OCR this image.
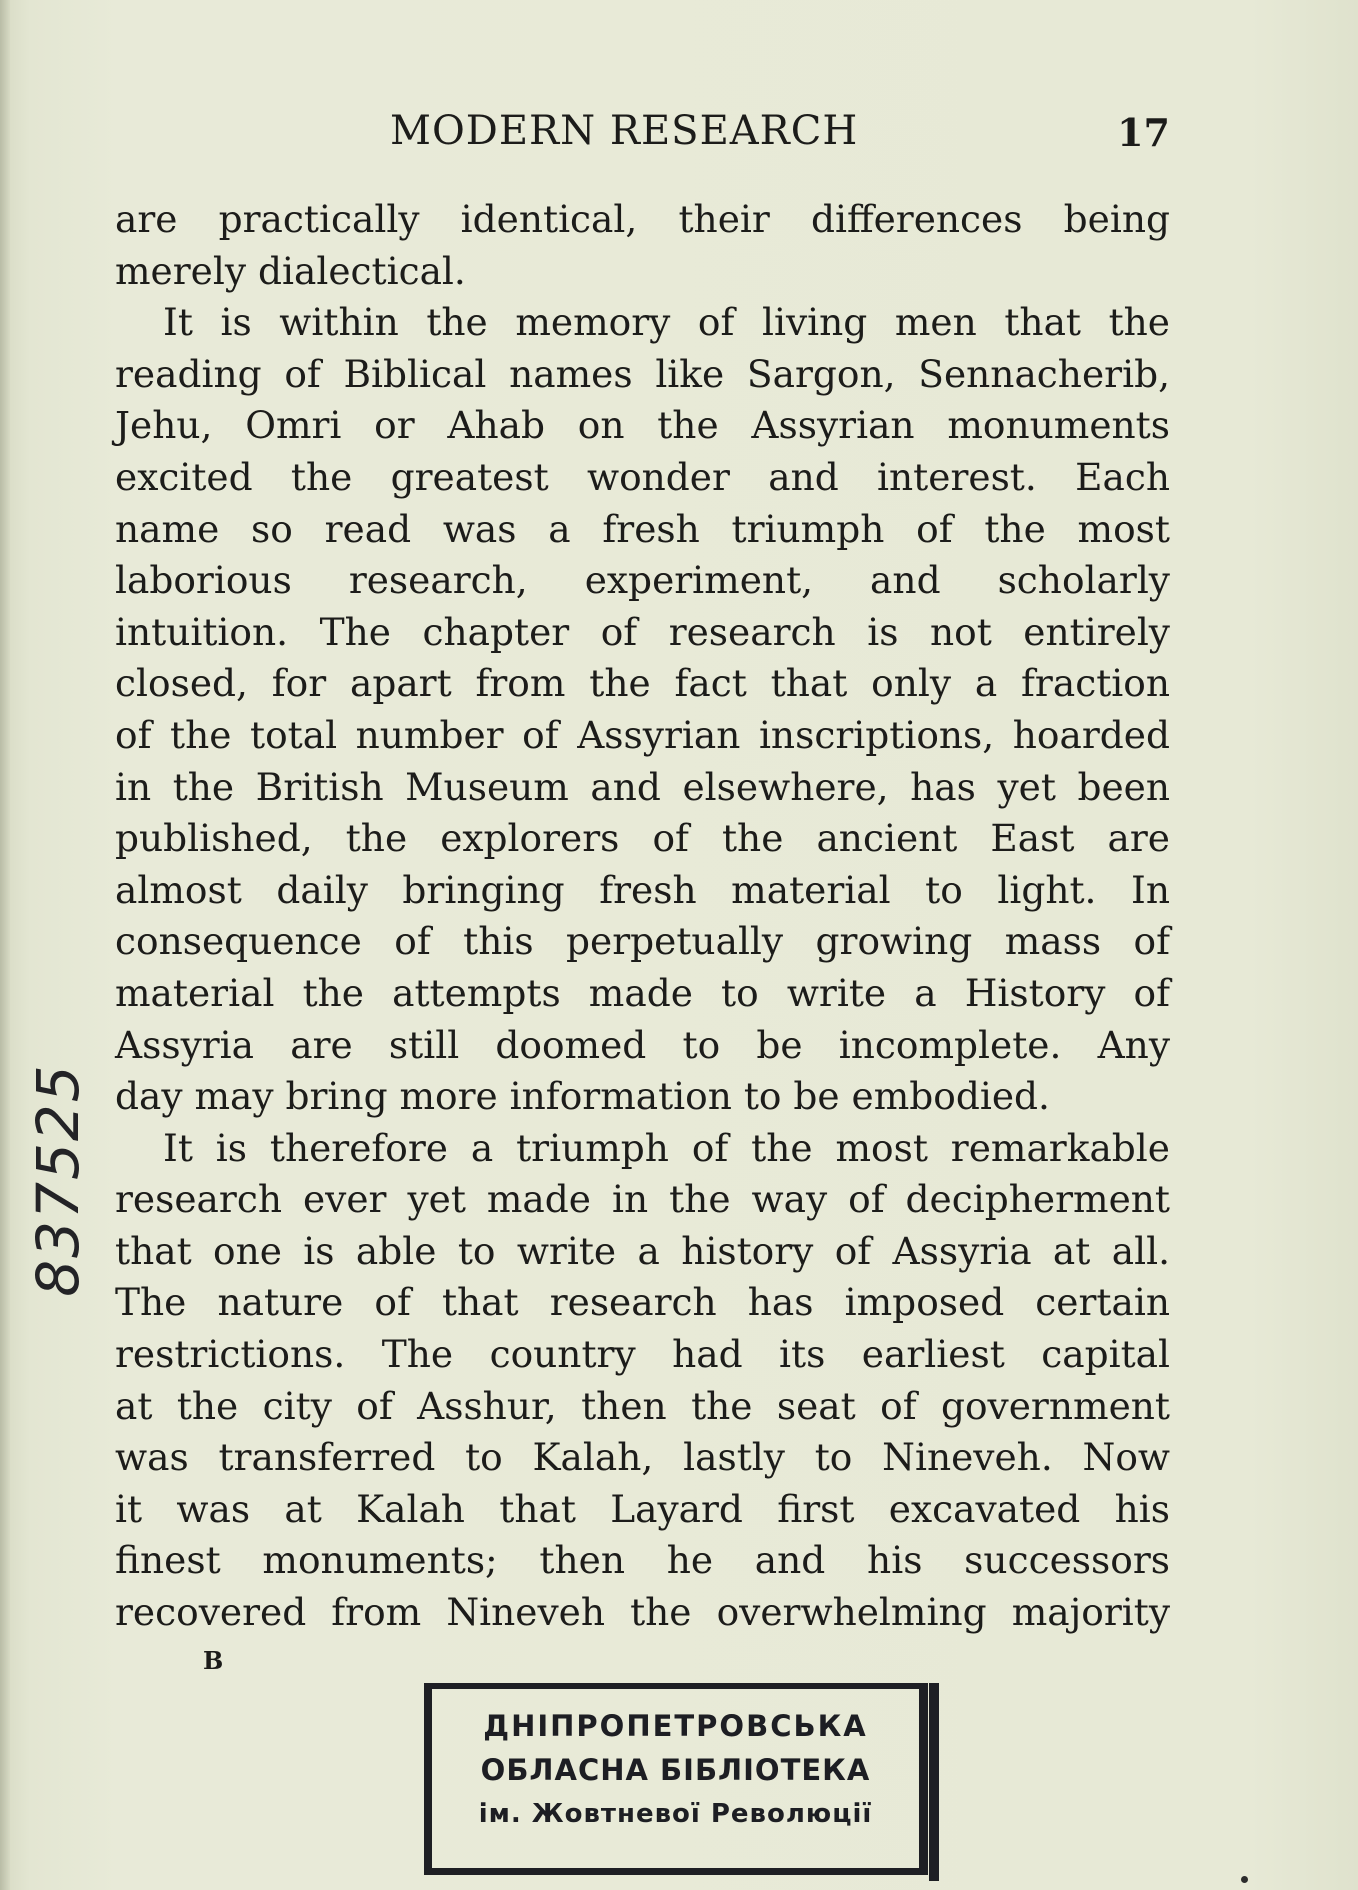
MODERN RESEARCH	17
are practically identical, their differences being
merely dialectical.
It is within the memory of living men that the
reading of Biblical names like Sargon, Sennacherib,
Jehu, Omri or Ahab on the Assyrian monuments
excited the greatest wonder and interest. Each
name so read was a fresh triumph of the most
laborious research, experiment, and scholarly
intuition. The chapter of research is not entirely
closed, for apart from the fact that only a fraction
of the total number of Assyrian inscriptions, hoarded
in the British Museum and elsewhere, has yet been
published, the explorers of the ancient East are
almost daily bringing fresh material to light. In
consequence of this perpetually growing mass of
material the attempts made to write a History of
Assyria are still doomed to be incomplete. Any
day may bring more information to be embodied.
It is therefore a triumph of the most remarkable
research ever yet made in the way of decipherment
that one is able to write a history of Assyria at all.
The nature of that research has imposed certain
restrictions. The country had its earliest capital
at the city of Asshur, then the seat of government
was transferred to Kalah, lastly to Nineveh. Now
it was at Kalah that Layard first excavated his
finest monuments; then he and his successors
recovered from Nineveh the overwhelming majority
837525
B
ДНІПРОПЕТРОВСЬКА
ОБЛАСНА БІБЛІОТЕКА
ім. Жовтневої Революції
